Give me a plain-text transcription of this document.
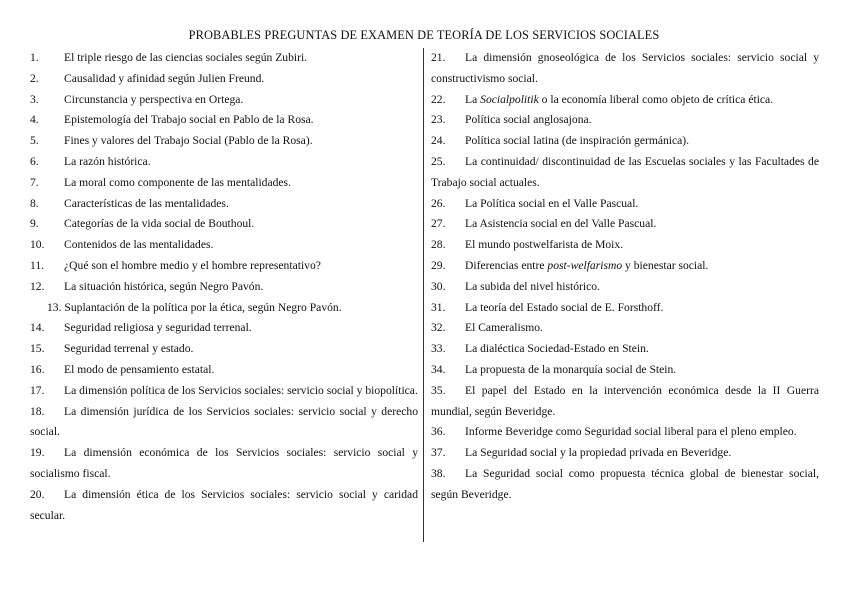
PROBABLES PREGUNTAS DE EXAMEN DE TEORÍA DE LOS SERVICIOS SOCIALES
1. El triple riesgo de las ciencias sociales según Zubiri.
2. Causalidad y afinidad según Julien Freund.
3. Circunstancia y perspectiva en Ortega.
4. Epistemología del Trabajo social en Pablo de la Rosa.
5. Fines y valores del Trabajo Social (Pablo de la Rosa).
6. La razón histórica.
7. La moral como componente de las mentalidades.
8. Características de las mentalidades.
9. Categorías de la vida social de Bouthoul.
10. Contenidos de las mentalidades.
11. ¿Qué son el hombre medio y el hombre representativo?
12. La situación histórica, según Negro Pavón.
13. Suplantación de la política por la ética, según Negro Pavón.
14. Seguridad religiosa y seguridad terrenal.
15. Seguridad terrenal y estado.
16. El modo de pensamiento estatal.
17. La dimensión política de los Servicios sociales: servicio social y biopolítica.
18. La dimensión jurídica de los Servicios sociales: servicio social y derecho social.
19. La dimensión económica de los Servicios sociales: servicio social y socialismo fiscal.
20. La dimensión ética de los Servicios sociales: servicio social y caridad secular.
21. La dimensión gnoseológica de los Servicios sociales: servicio social y constructivismo social.
22. La Socialpolitik o la economía liberal como objeto de crítica ética.
23. Política social anglosajona.
24. Política social latina (de inspiración germánica).
25. La continuidad/ discontinuidad de las Escuelas sociales y las Facultades de Trabajo social actuales.
26. La Política social en el Valle Pascual.
27. La Asistencia social en del Valle Pascual.
28. El mundo postwelfarista de Moix.
29. Diferencias entre post-welfarismo y bienestar social.
30. La subida del nivel histórico.
31. La teoría del Estado social de E. Forsthoff.
32. El Cameralismo.
33. La dialéctica Sociedad-Estado en Stein.
34. La propuesta de la monarquía social de Stein.
35. El papel del Estado en la intervención económica desde la II Guerra mundial, según Beveridge.
36. Informe Beveridge como Seguridad social liberal para el pleno empleo.
37. La Seguridad social y la propiedad privada en Beveridge.
38. La Seguridad social como propuesta técnica global de bienestar social, según Beveridge.
